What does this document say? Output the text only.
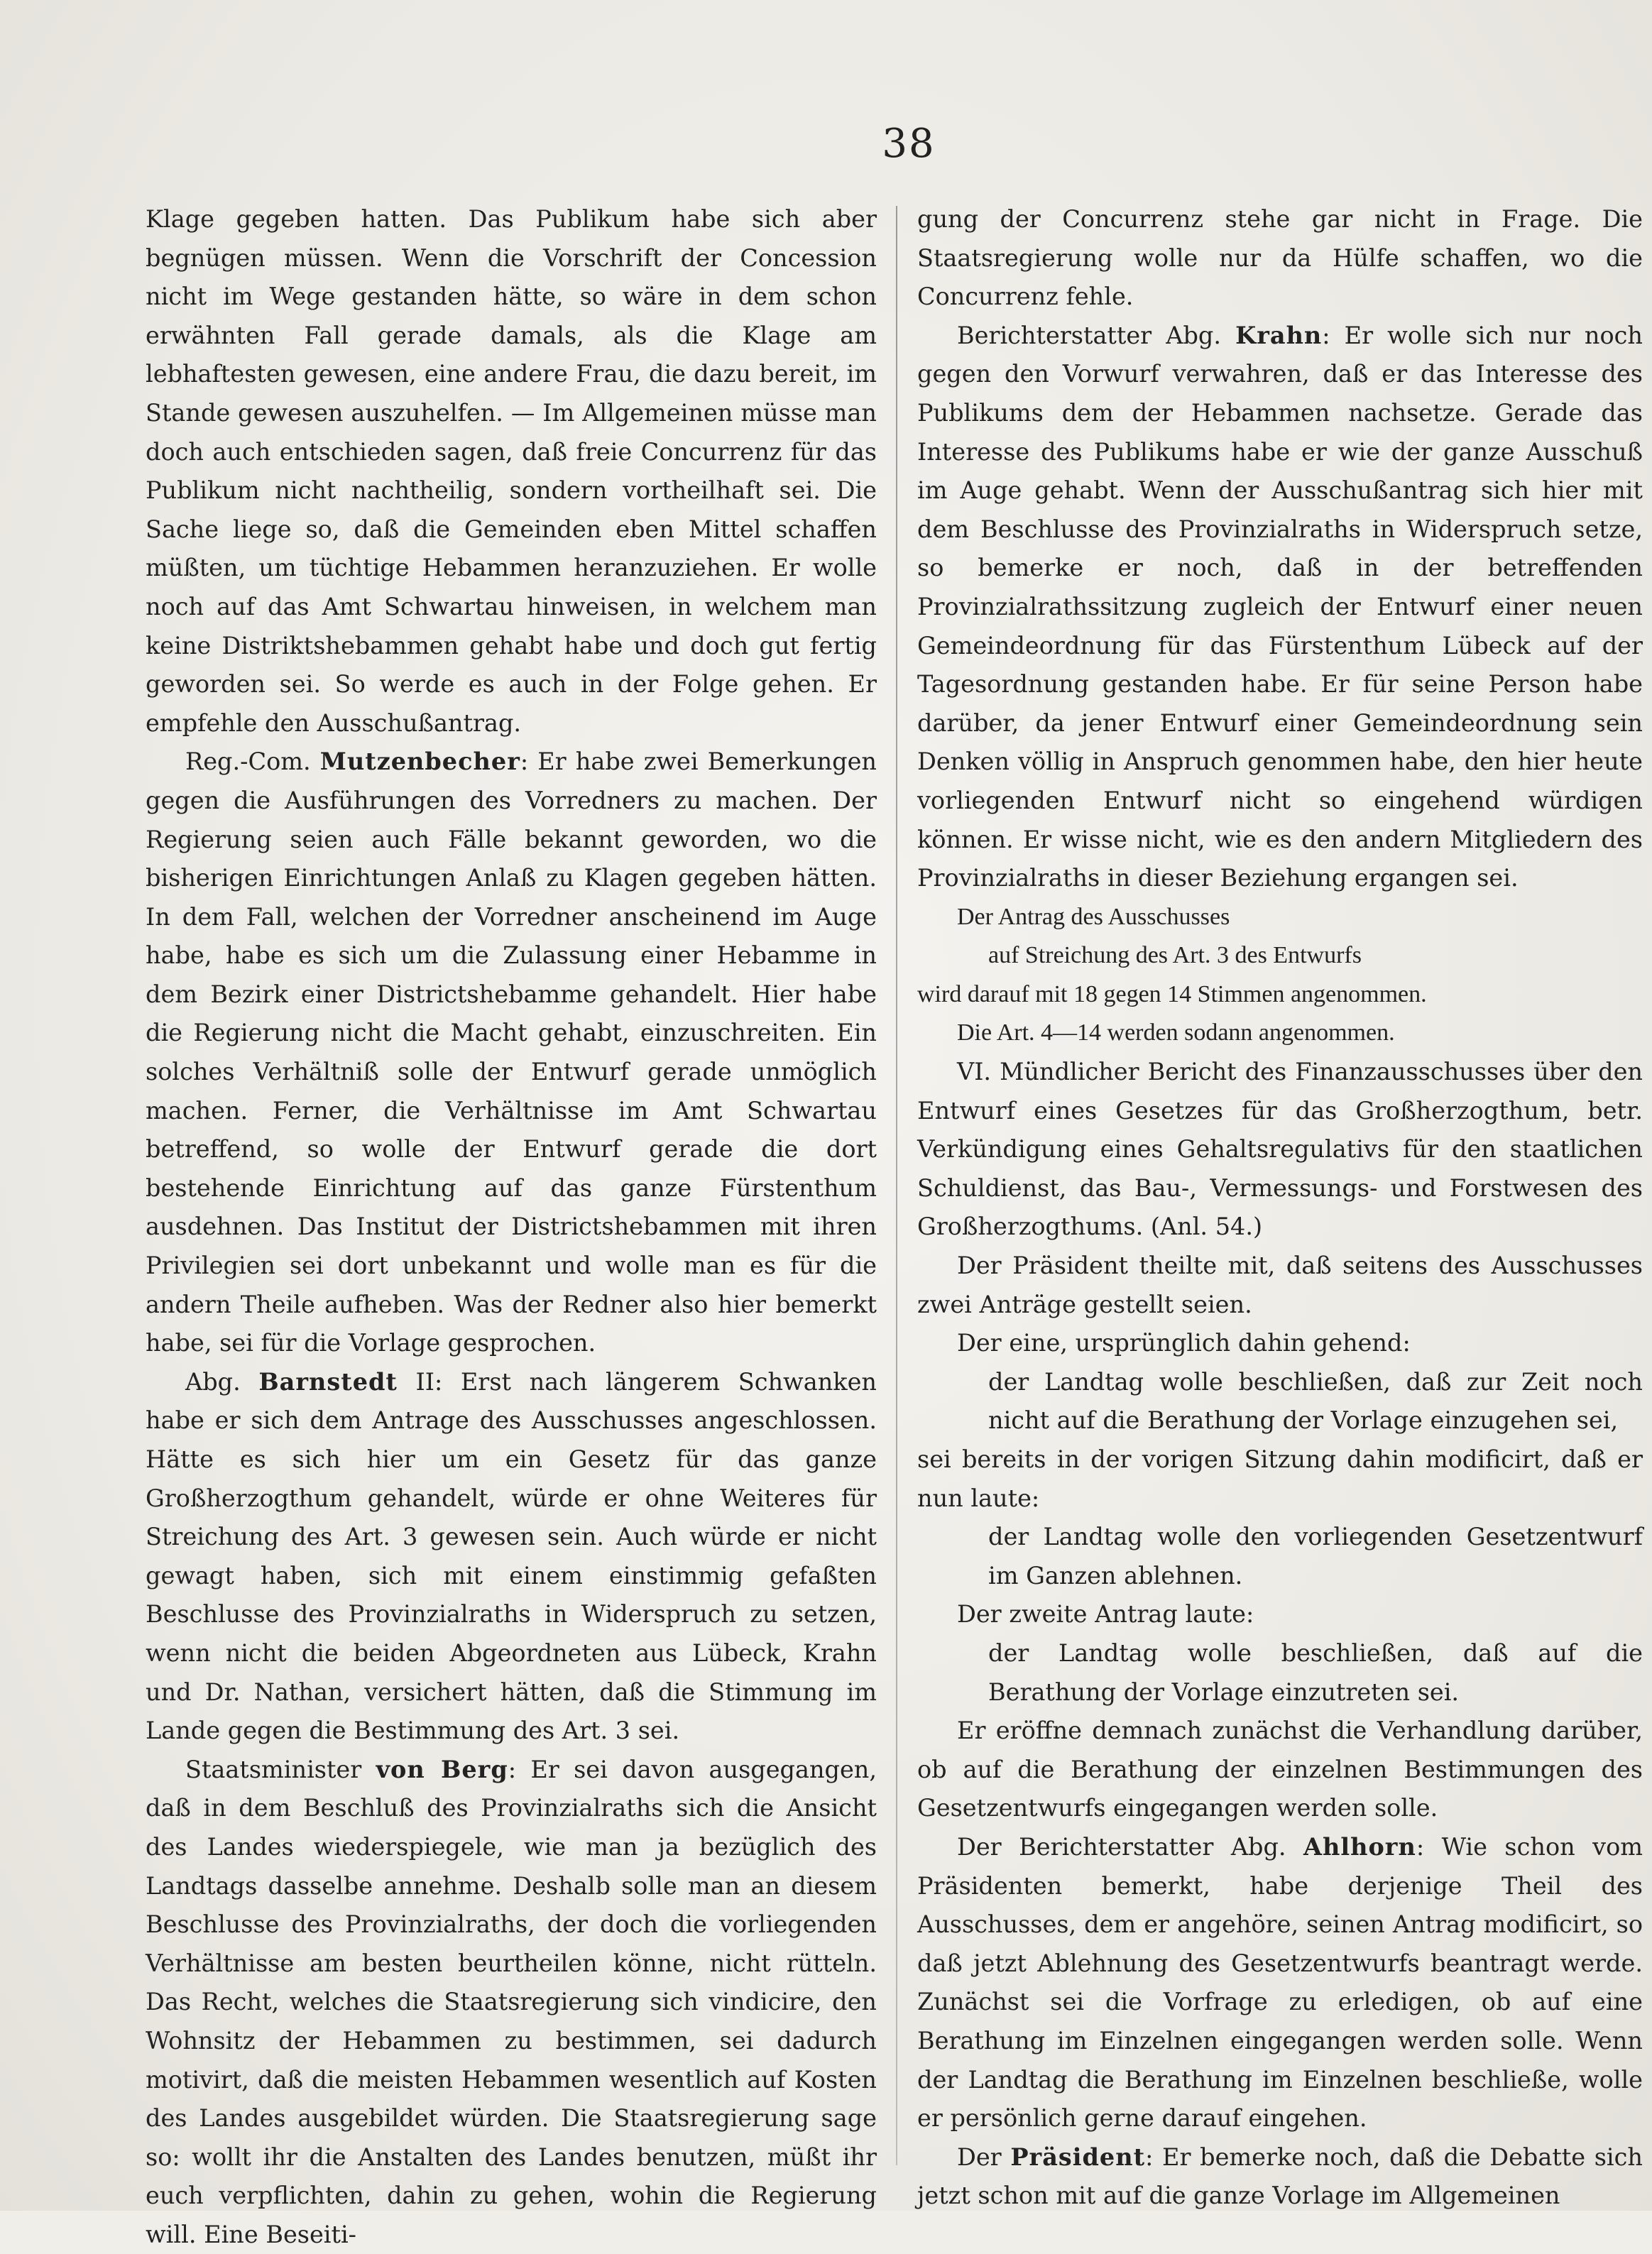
38

Klage gegeben hatten. Das Publikum habe sich aber begnügen müssen. Wenn die Vorschrift der Concession nicht im Wege gestanden hätte, so wäre in dem schon erwähnten Fall gerade damals, als die Klage am lebhaftesten gewesen, eine andere Frau, die dazu bereit, im Stande gewesen auszuhelfen. — Im Allgemeinen müsse man doch auch entschieden sagen, daß freie Concurrenz für das Publikum nicht nachtheilig, sondern vortheilhaft sei. Die Sache liege so, daß die Gemeinden eben Mittel schaffen müßten, um tüchtige Hebammen heranzuziehen. Er wolle noch auf das Amt Schwartau hinweisen, in welchem man keine Distriktshebammen gehabt habe und doch gut fertig geworden sei. So werde es auch in der Folge gehen. Er empfehle den Ausschußantrag.

Reg.-Com. Mutzenbecher: Er habe zwei Bemerkungen gegen die Ausführungen des Vorredners zu machen. Der Regierung seien auch Fälle bekannt geworden, wo die bisherigen Einrichtungen Anlaß zu Klagen gegeben hätten. In dem Fall, welchen der Vorredner anscheinend im Auge habe, habe es sich um die Zulassung einer Hebamme in dem Bezirk einer Districtshebamme gehandelt. Hier habe die Regierung nicht die Macht gehabt, einzuschreiten. Ein solches Verhältniß solle der Entwurf gerade unmöglich machen. Ferner, die Verhältnisse im Amt Schwartau betreffend, so wolle der Entwurf gerade die dort bestehende Einrichtung auf das ganze Fürstenthum ausdehnen. Das Institut der Districtshebammen mit ihren Privilegien sei dort unbekannt und wolle man es für die andern Theile aufheben. Was der Redner also hier bemerkt habe, sei für die Vorlage gesprochen.

Abg. Barnstedt II: Erst nach längerem Schwanken habe er sich dem Antrage des Ausschusses angeschlossen. Hätte es sich hier um ein Gesetz für das ganze Großherzogthum gehandelt, würde er ohne Weiteres für Streichung des Art. 3 gewesen sein. Auch würde er nicht gewagt haben, sich mit einem einstimmig gefaßten Beschlusse des Provinzialraths in Widerspruch zu setzen, wenn nicht die beiden Abgeordneten aus Lübeck, Krahn und Dr. Nathan, versichert hätten, daß die Stimmung im Lande gegen die Bestimmung des Art. 3 sei.

Staatsminister von Berg: Er sei davon ausgegangen, daß in dem Beschluß des Provinzialraths sich die Ansicht des Landes wiederspiegele, wie man ja bezüglich des Landtags dasselbe annehme. Deshalb solle man an diesem Beschlusse des Provinzialraths, der doch die vorliegenden Verhältnisse am besten beurtheilen könne, nicht rütteln. Das Recht, welches die Staatsregierung sich vindicire, den Wohnsitz der Hebammen zu bestimmen, sei dadurch motivirt, daß die meisten Hebammen wesentlich auf Kosten des Landes ausgebildet würden. Die Staatsregierung sage so: wollt ihr die Anstalten des Landes benutzen, müßt ihr euch verpflichten, dahin zu gehen, wohin die Regierung will. Eine Beseiti-

gung der Concurrenz stehe gar nicht in Frage. Die Staatsregierung wolle nur da Hülfe schaffen, wo die Concurrenz fehle.

Berichterstatter Abg. Krahn: Er wolle sich nur noch gegen den Vorwurf verwahren, daß er das Interesse des Publikums dem der Hebammen nachsetze. Gerade das Interesse des Publikums habe er wie der ganze Ausschuß im Auge gehabt. Wenn der Ausschußantrag sich hier mit dem Beschlusse des Provinzialraths in Widerspruch setze, so bemerke er noch, daß in der betreffenden Provinzialrathssitzung zugleich der Entwurf einer neuen Gemeindeordnung für das Fürstenthum Lübeck auf der Tagesordnung gestanden habe. Er für seine Person habe darüber, da jener Entwurf einer Gemeindeordnung sein Denken völlig in Anspruch genommen habe, den hier heute vorliegenden Entwurf nicht so eingehend würdigen können. Er wisse nicht, wie es den andern Mitgliedern des Provinzialraths in dieser Beziehung ergangen sei.

Der Antrag des Ausschusses

auf Streichung des Art. 3 des Entwurfs

wird darauf mit 18 gegen 14 Stimmen angenommen.

Die Art. 4—14 werden sodann angenommen.

VI. Mündlicher Bericht des Finanzausschusses über den Entwurf eines Gesetzes für das Großherzogthum, betr. Verkündigung eines Gehaltsregulativs für den staatlichen Schuldienst, das Bau-, Vermessungs- und Forstwesen des Großherzogthums. (Anl. 54.)

Der Präsident theilte mit, daß seitens des Ausschusses zwei Anträge gestellt seien.

Der eine, ursprünglich dahin gehend:

der Landtag wolle beschließen, daß zur Zeit noch nicht auf die Berathung der Vorlage einzugehen sei,

sei bereits in der vorigen Sitzung dahin modificirt, daß er nun laute:

der Landtag wolle den vorliegenden Gesetzentwurf im Ganzen ablehnen.

Der zweite Antrag laute:

der Landtag wolle beschließen, daß auf die Berathung der Vorlage einzutreten sei.

Er eröffne demnach zunächst die Verhandlung darüber, ob auf die Berathung der einzelnen Bestimmungen des Gesetzentwurfs eingegangen werden solle.

Der Berichterstatter Abg. Ahlhorn: Wie schon vom Präsidenten bemerkt, habe derjenige Theil des Ausschusses, dem er angehöre, seinen Antrag modificirt, so daß jetzt Ablehnung des Gesetzentwurfs beantragt werde. Zunächst sei die Vorfrage zu erledigen, ob auf eine Berathung im Einzelnen eingegangen werden solle. Wenn der Landtag die Berathung im Einzelnen beschließe, wolle er persönlich gerne darauf eingehen.

Der Präsident: Er bemerke noch, daß die Debatte sich jetzt schon mit auf die ganze Vorlage im Allgemeinen
